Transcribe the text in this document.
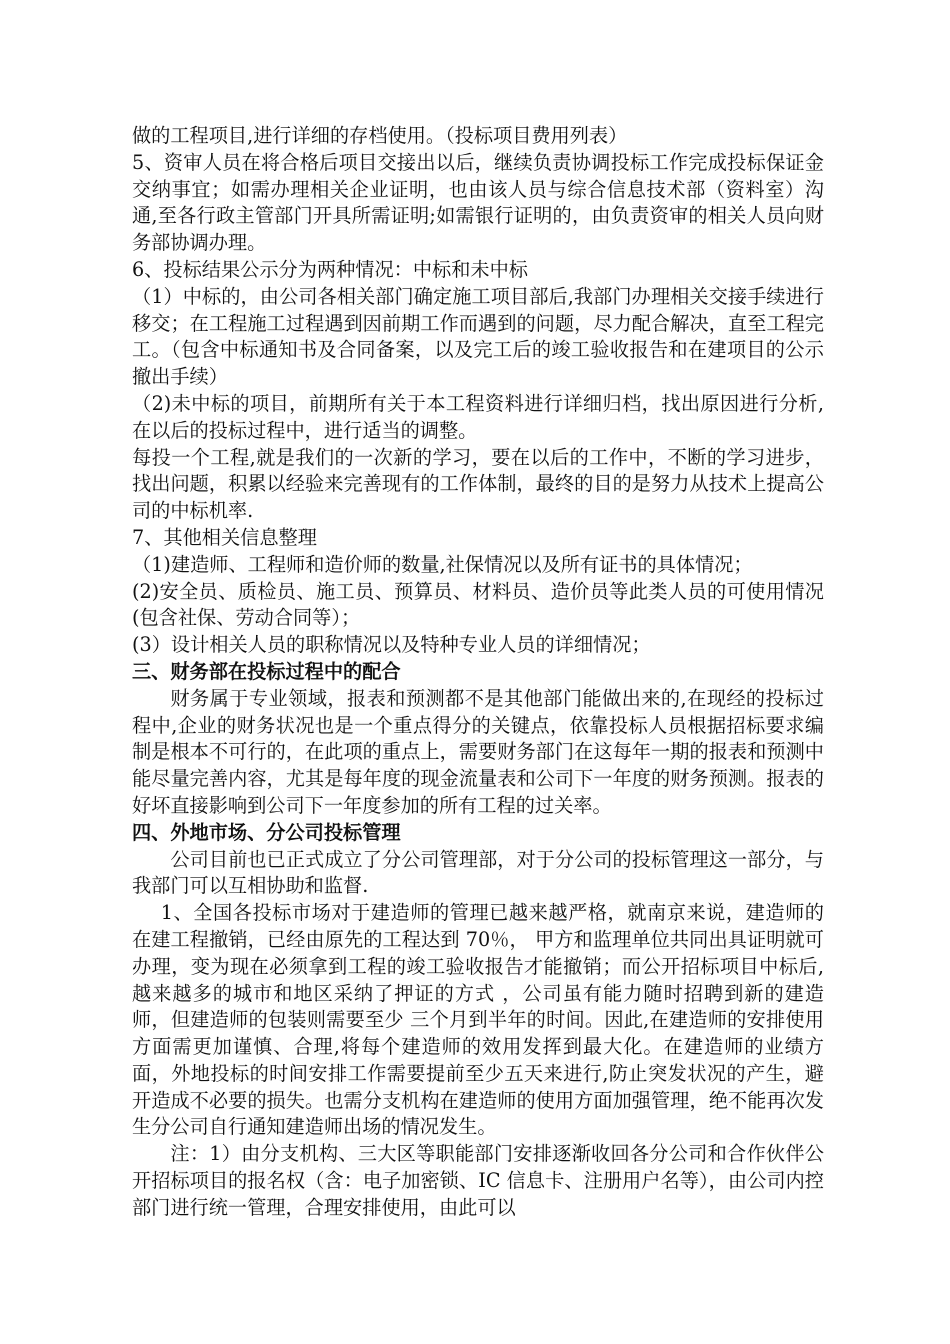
做的工程项目,进行详细的存档使用。（投标项目费用列表）

5、资审人员在将合格后项目交接出以后，继续负责协调投标工作完成投标保证金交纳事宜；如需办理相关企业证明，也由该人员与综合信息技术部（资料室）沟通,至各行政主管部门开具所需证明;如需银行证明的，由负责资审的相关人员向财务部协调办理。

6、投标结果公示分为两种情况：中标和未中标

（1）中标的，由公司各相关部门确定施工项目部后,我部门办理相关交接手续进行移交；在工程施工过程遇到因前期工作而遇到的问题，尽力配合解决，直至工程完工。（包含中标通知书及合同备案，以及完工后的竣工验收报告和在建项目的公示撤出手续）

（2)未中标的项目，前期所有关于本工程资料进行详细归档，找出原因进行分析,在以后的投标过程中，进行适当的调整。

每投一个工程,就是我们的一次新的学习，要在以后的工作中，不断的学习进步，找出问题，积累以经验来完善现有的工作体制，最终的目的是努力从技术上提高公司的中标机率.

7、其他相关信息整理

（1)建造师、工程师和造价师的数量,社保情况以及所有证书的具体情况；

(2)安全员、质检员、施工员、预算员、材料员、造价员等此类人员的可使用情况(包含社保、劳动合同等）；

(3）设计相关人员的职称情况以及特种专业人员的详细情况；

三、财务部在投标过程中的配合

财务属于专业领域，报表和预测都不是其他部门能做出来的,在现经的投标过程中,企业的财务状况也是一个重点得分的关键点，依靠投标人员根据招标要求编制是根本不可行的，在此项的重点上，需要财务部门在这每年一期的报表和预测中能尽量完善内容，尤其是每年度的现金流量表和公司下一年度的财务预测。报表的好坏直接影响到公司下一年度参加的所有工程的过关率。

四、外地市场、分公司投标管理

公司目前也已正式成立了分公司管理部，对于分公司的投标管理这一部分，与我部门可以互相协助和监督.

1、全国各投标市场对于建造师的管理已越来越严格，就南京来说，建造师的在建工程撤销，已经由原先的工程达到 70％， 甲方和监理单位共同出具证明就可办理，变为现在必须拿到工程的竣工验收报告才能撤销；而公开招标项目中标后,越来越多的城市和地区采纳了押证的方式 ，公司虽有能力随时招聘到新的建造师，但建造师的包装则需要至少 三个月到半年的时间。因此,在建造师的安排使用方面需更加谨慎、合理,将每个建造师的效用发挥到最大化。在建造师的业绩方面，外地投标的时间安排工作需要提前至少五天来进行,防止突发状况的产生，避开造成不必要的损失。也需分支机构在建造师的使用方面加强管理，绝不能再次发生分公司自行通知建造师出场的情况发生。

注：1）由分支机构、三大区等职能部门安排逐渐收回各分公司和合作伙伴公开招标项目的报名权（含：电子加密锁、IC 信息卡、注册用户名等），由公司内控部门进行统一管理，合理安排使用，由此可以
